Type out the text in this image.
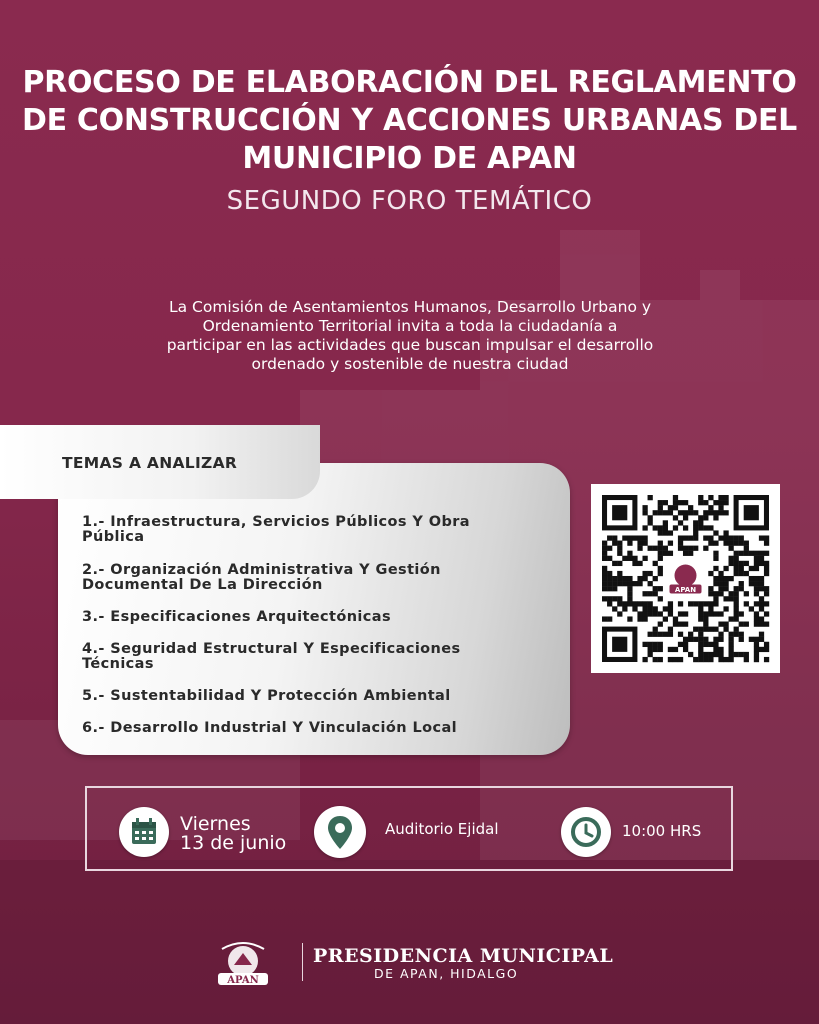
PROCESO DE ELABORACIÓN DEL REGLAMENTO
DE CONSTRUCCIÓN Y ACCIONES URBANAS DEL
MUNICIPIO DE APAN
SEGUNDO FORO TEMÁTICO
La Comisión de Asentamientos Humanos, Desarrollo Urbano y
Ordenamiento Territorial invita a toda la ciudadanía a
participar en las actividades que buscan impulsar el desarrollo
ordenado y sostenible de nuestra ciudad
TEMAS A ANALIZAR
1.- Infraestructura, Servicios Públicos Y Obra
Pública
2.- Organización Administrativa Y Gestión
Documental De La Dirección
3.- Especificaciones Arquitectónicas
4.- Seguridad Estructural Y Especificaciones
Técnicas
5.- Sustentabilidad Y Protección Ambiental
6.- Desarrollo Industrial Y Vinculación Local
APAN
Viernes
13 de junio
Auditorio Ejidal	10:00 HRS
APAN
PRESIDENCIA MUNICIPAL
DE APAN, HIDALGO
